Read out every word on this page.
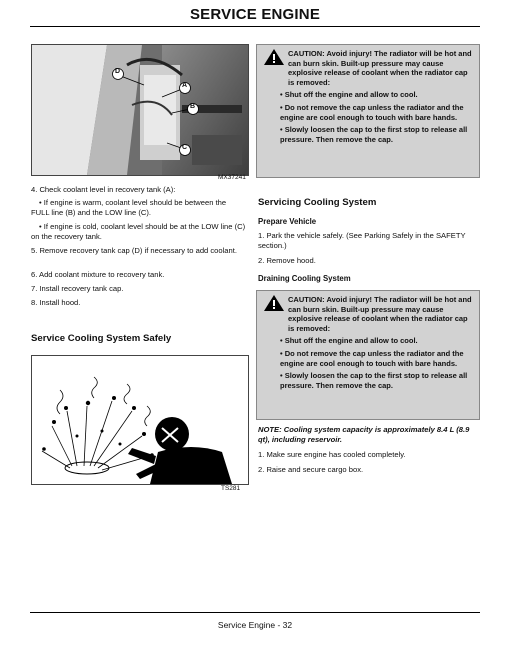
SERVICE ENGINE
D
A
B
C
MX37241
4. Check coolant level in recovery tank (A):
• If engine is warm, coolant level should be between the FULL line (B) and the LOW line (C).
• If engine is cold, coolant level should be at the LOW line (C) on the recovery tank.
5. Remove recovery tank cap (D) if necessary to add coolant.
6. Add coolant mixture to recovery tank.
7. Install recovery tank cap.
8. Install hood.
Service Cooling System Safely
TS281
CAUTION: Avoid injury! The radiator will be hot and can burn skin. Built-up pressure may cause explosive release of coolant when the radiator cap is removed:

• Shut off the engine and allow to cool.

• Do not remove the cap unless the radiator and the engine are cool enough to touch with bare hands.

• Slowly loosen the cap to the first stop to release all pressure. Then remove the cap.

Servicing Cooling System
Prepare Vehicle
1. Park the vehicle safely. (See Parking Safely in the SAFETY section.)
2. Remove hood.
Draining Cooling System
CAUTION: Avoid injury! The radiator will be hot and can burn skin. Built-up pressure may cause explosive release of coolant when the radiator cap is removed:

• Shut off the engine and allow to cool.

• Do not remove the cap unless the radiator and the engine are cool enough to touch with bare hands.

• Slowly loosen the cap to the first stop to release all pressure. Then remove the cap.

NOTE: Cooling system capacity is approximately 8.4 L (8.9 qt), including reservoir.
1. Make sure engine has cooled completely.
2. Raise and secure cargo box.
Service Engine - 32
